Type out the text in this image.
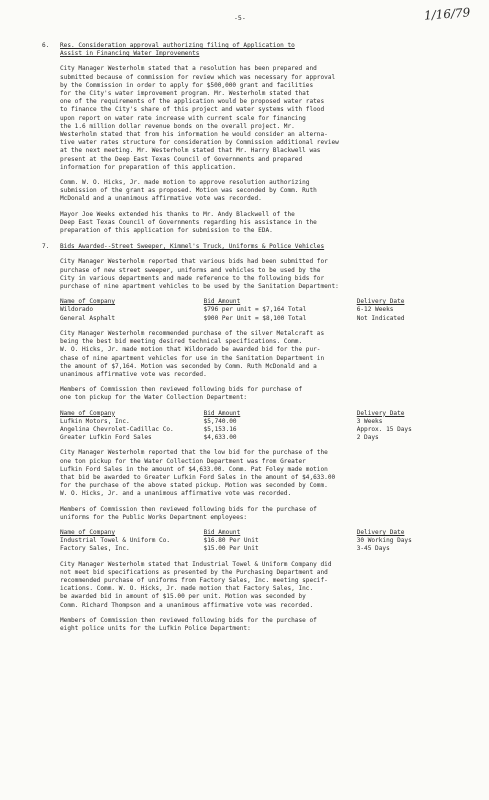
-5-	1/16/79
6. Res. Consideration approval authorizing filing of Application to

Assist in Financing Water Improvements

City Manager Westerholm stated that a resolution has been prepared and

submitted because of commission for review which was necessary for approval

by the Commission in order to apply for $500,000 grant and facilities

for the City's water improvement program. Mr. Westerholm stated that

one of the requirements of the application would be proposed water rates

to finance the City's share of this project and water systems with flood

upon report on water rate increase with current scale for financing

the 1.6 million dollar revenue bonds on the overall project. Mr.

Westerholm stated that from his information he would consider an alterna-

tive water rates structure for consideration by Commission additional review

at the next meeting. Mr. Westerholm stated that Mr. Harry Blackwell was

present at the Deep East Texas Council of Governments and prepared

information for preparation of this application.

Comm. W. O. Hicks, Jr. made motion to approve resolution authorizing

submission of the grant as proposed. Motion was seconded by Comm. Ruth

McDonald and a unanimous affirmative vote was recorded.

Mayor Joe Weeks extended his thanks to Mr. Andy Blackwell of the

Deep East Texas Council of Governments regarding his assistance in the

preparation of this application for submission to the EDA.

7. Bids Awarded--Street Sweeper, Kimmel's Truck, Uniforms & Police Vehicles

City Manager Westerholm reported that various bids had been submitted for

purchase of new street sweeper, uniforms and vehicles to be used by the

City in various departments and made reference to the following bids for

purchase of nine apartment vehicles to be used by the Sanitation Department:

Name of Company	Bid Amount	Delivery Date
Wildorado	$796 per unit = $7,164 Total	6-12 Weeks
General Asphalt	$900 Per Unit = $8,100 Total	Not Indicated

City Manager Westerholm recommended purchase of the silver Metalcraft as

being the best bid meeting desired technical specifications. Comm.

W. O. Hicks, Jr. made motion that Wildorado be awarded bid for the pur-

chase of nine apartment vehicles for use in the Sanitation Department in

the amount of $7,164. Motion was seconded by Comm. Ruth McDonald and a

unanimous affirmative vote was recorded.

Members of Commission then reviewed following bids for purchase of

one ton pickup for the Water Collection Department:

Name of Company	Bid Amount	Delivery Date
Lufkin Motors, Inc.	$5,740.00	3 Weeks
Angelina Chevrolet-Cadillac Co.	$5,153.16	Approx. 15 Days
Greater Lufkin Ford Sales	$4,633.00	2 Days

City Manager Westerholm reported that the low bid for the purchase of the

one ton pickup for the Water Collection Department was from Greater

Lufkin Ford Sales in the amount of $4,633.00. Comm. Pat Foley made motion

that bid be awarded to Greater Lufkin Ford Sales in the amount of $4,633.00

for the purchase of the above stated pickup. Motion was seconded by Comm.

W. O. Hicks, Jr. and a unanimous affirmative vote was recorded.

Members of Commission then reviewed following bids for the purchase of

uniforms for the Public Works Department employees:

Name of Company	Bid Amount	Delivery Date
Industrial Towel & Uniform Co.	$16.80 Per Unit	30 Working Days
Factory Sales, Inc.	$15.00 Per Unit	3-45 Days

City Manager Westerholm stated that Industrial Towel & Uniform Company did

not meet bid specifications as presented by the Purchasing Department and

recommended purchase of uniforms from Factory Sales, Inc. meeting specif-

ications. Comm. W. O. Hicks, Jr. made motion that Factory Sales, Inc.

be awarded bid in amount of $15.00 per unit. Motion was seconded by

Comm. Richard Thompson and a unanimous affirmative vote was recorded.

Members of Commission then reviewed following bids for the purchase of

eight police units for the Lufkin Police Department:
